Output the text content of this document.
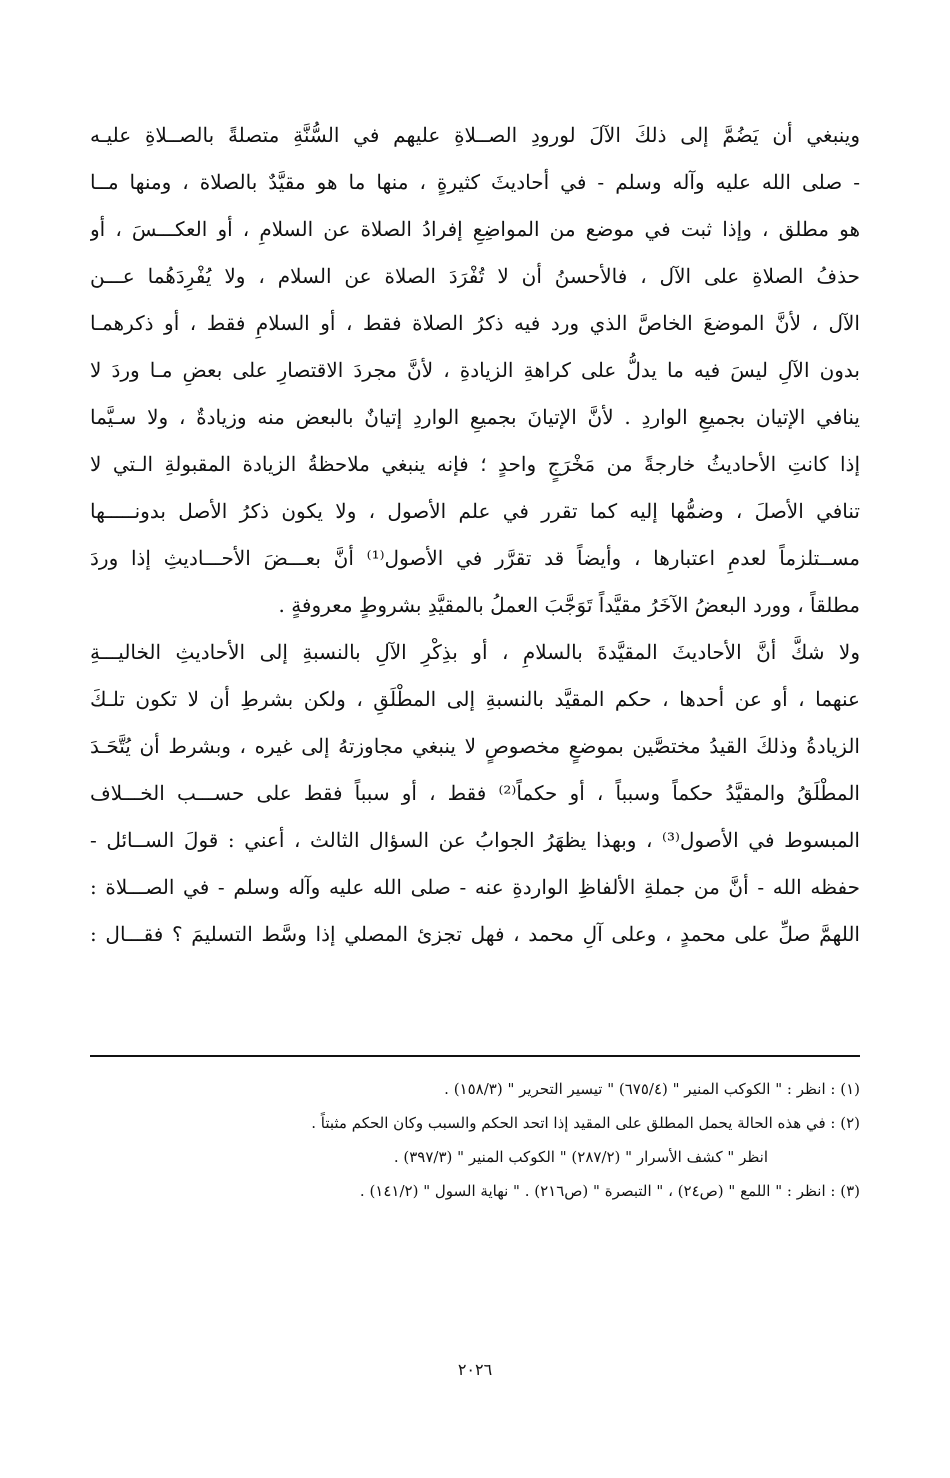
وينبغي أن يَضُمَّ إلى ذلكَ الآلَ لورودِ الصــلاةِ عليهم في السُّنَّةِ متصلةً بالصــلاةِ عليـه
- صلى الله عليه وآله وسلم - في أحاديثَ كثيرةٍ ، منها ما هو مقيَّدٌ بالصلاة ، ومنها مــا
هو مطلق ، وإذا ثبت في موضع من المواضِعِ إفرادُ الصلاة عن السلامِ ، أو العكـــسَ ، أو
حذفُ الصلاةِ على الآل ، فالأحسنُ أن لا تُفْرَدَ الصلاة عن السلام ، ولا يُفْرِدَهُما عـــن
الآل ، لأنَّ الموضعَ الخاصَّ الذي ورد فيه ذكرُ الصلاة فقط ، أو السلامِ فقط ، أو ذكرهمـا
بدون الآلِ ليسَ فيه ما يدلُّ على كراهةِ الزيادةِ ، لأنَّ مجردَ الاقتصارِ على بعضِ مـا وردَ لا
ينافي الإتيان بجميعِ الواردِ . لأنَّ الإتيانَ بجميعِ الواردِ إتيانٌ بالبعض منه وزيادةٌ ، ولا سـيَّما
إذا كانتِ الأحاديثُ خارجةً من مَخْرَجٍ واحدٍ ؛ فإنه ينبغي ملاحظةُ الزيادة المقبولةِ الـتي لا
تنافي الأصلَ ، وضمُّها إليه كما تقرر في علم الأصول ، ولا يكون ذكرُ الأصل بدونـــــها
مســتلزماً لعدمِ اعتبارها ، وأيضاً قد تقرَّر في الأصول⁽¹⁾ أنَّ بعـــضَ الأحـــاديثِ إذا وردَ
مطلقاً ، وورد البعضُ الآخَرُ مقيَّداً تَوَجَّبَ العملُ بالمقيَّدِ بشروطٍ معروفةٍ .
ولا شكَّ أنَّ الأحاديثَ المقيَّدةَ بالسلامِ ، أو بذِكْرِ الآلِ بالنسبةِ إلى الأحاديثِ الخاليـــةِ
عنهما ، أو عن أحدها ، حكم المقيَّد بالنسبةِ إلى المطْلَقِ ، ولكن بشرطِ أن لا تكون تلـكَ
الزيادةُ وذلكَ القيدُ مختصَّين بموضعٍ مخصوصٍ لا ينبغي مجاوزتهُ إلى غيره ، وبشرط أن يُتَّحَـدَ
المطْلَقُ والمقيَّدُ حكماً وسبباً ، أو حكماً⁽²⁾ فقط ، أو سبباً فقط على حســـب الخـــلاف
المبسوط في الأصول⁽³⁾ ، وبهذا يظهَرُ الجوابُ عن السؤال الثالث ، أعني : قولَ الســائل -
حفظه الله - أنَّ من جملةِ الألفاظِ الواردةِ عنه - صلى الله عليه وآله وسلم - في الصـــلاة :
اللهمَّ صلِّ على محمدٍ ، وعلى آلِ محمد ، فهل تجزئ المصلي إذا وسَّط التسليمَ ؟ فقـــال :
(١) : انظر : " الكوكب المنير " (٦٧٥/٤) " تيسير التحرير " (١٥٨/٣) .
(٢) : في هذه الحالة يحمل المطلق على المقيد إذا اتحد الحكم والسبب وكان الحكم مثبتاً .
انظر " كشف الأسرار " (٢٨٧/٢) " الكوكب المنير " (٣٩٧/٣) .
(٣) : انظر : " اللمع " (ص٢٤) ، " التبصرة " (ص٢١٦) . " نهاية السول " (١٤١/٢) .
٢٠٢٦
